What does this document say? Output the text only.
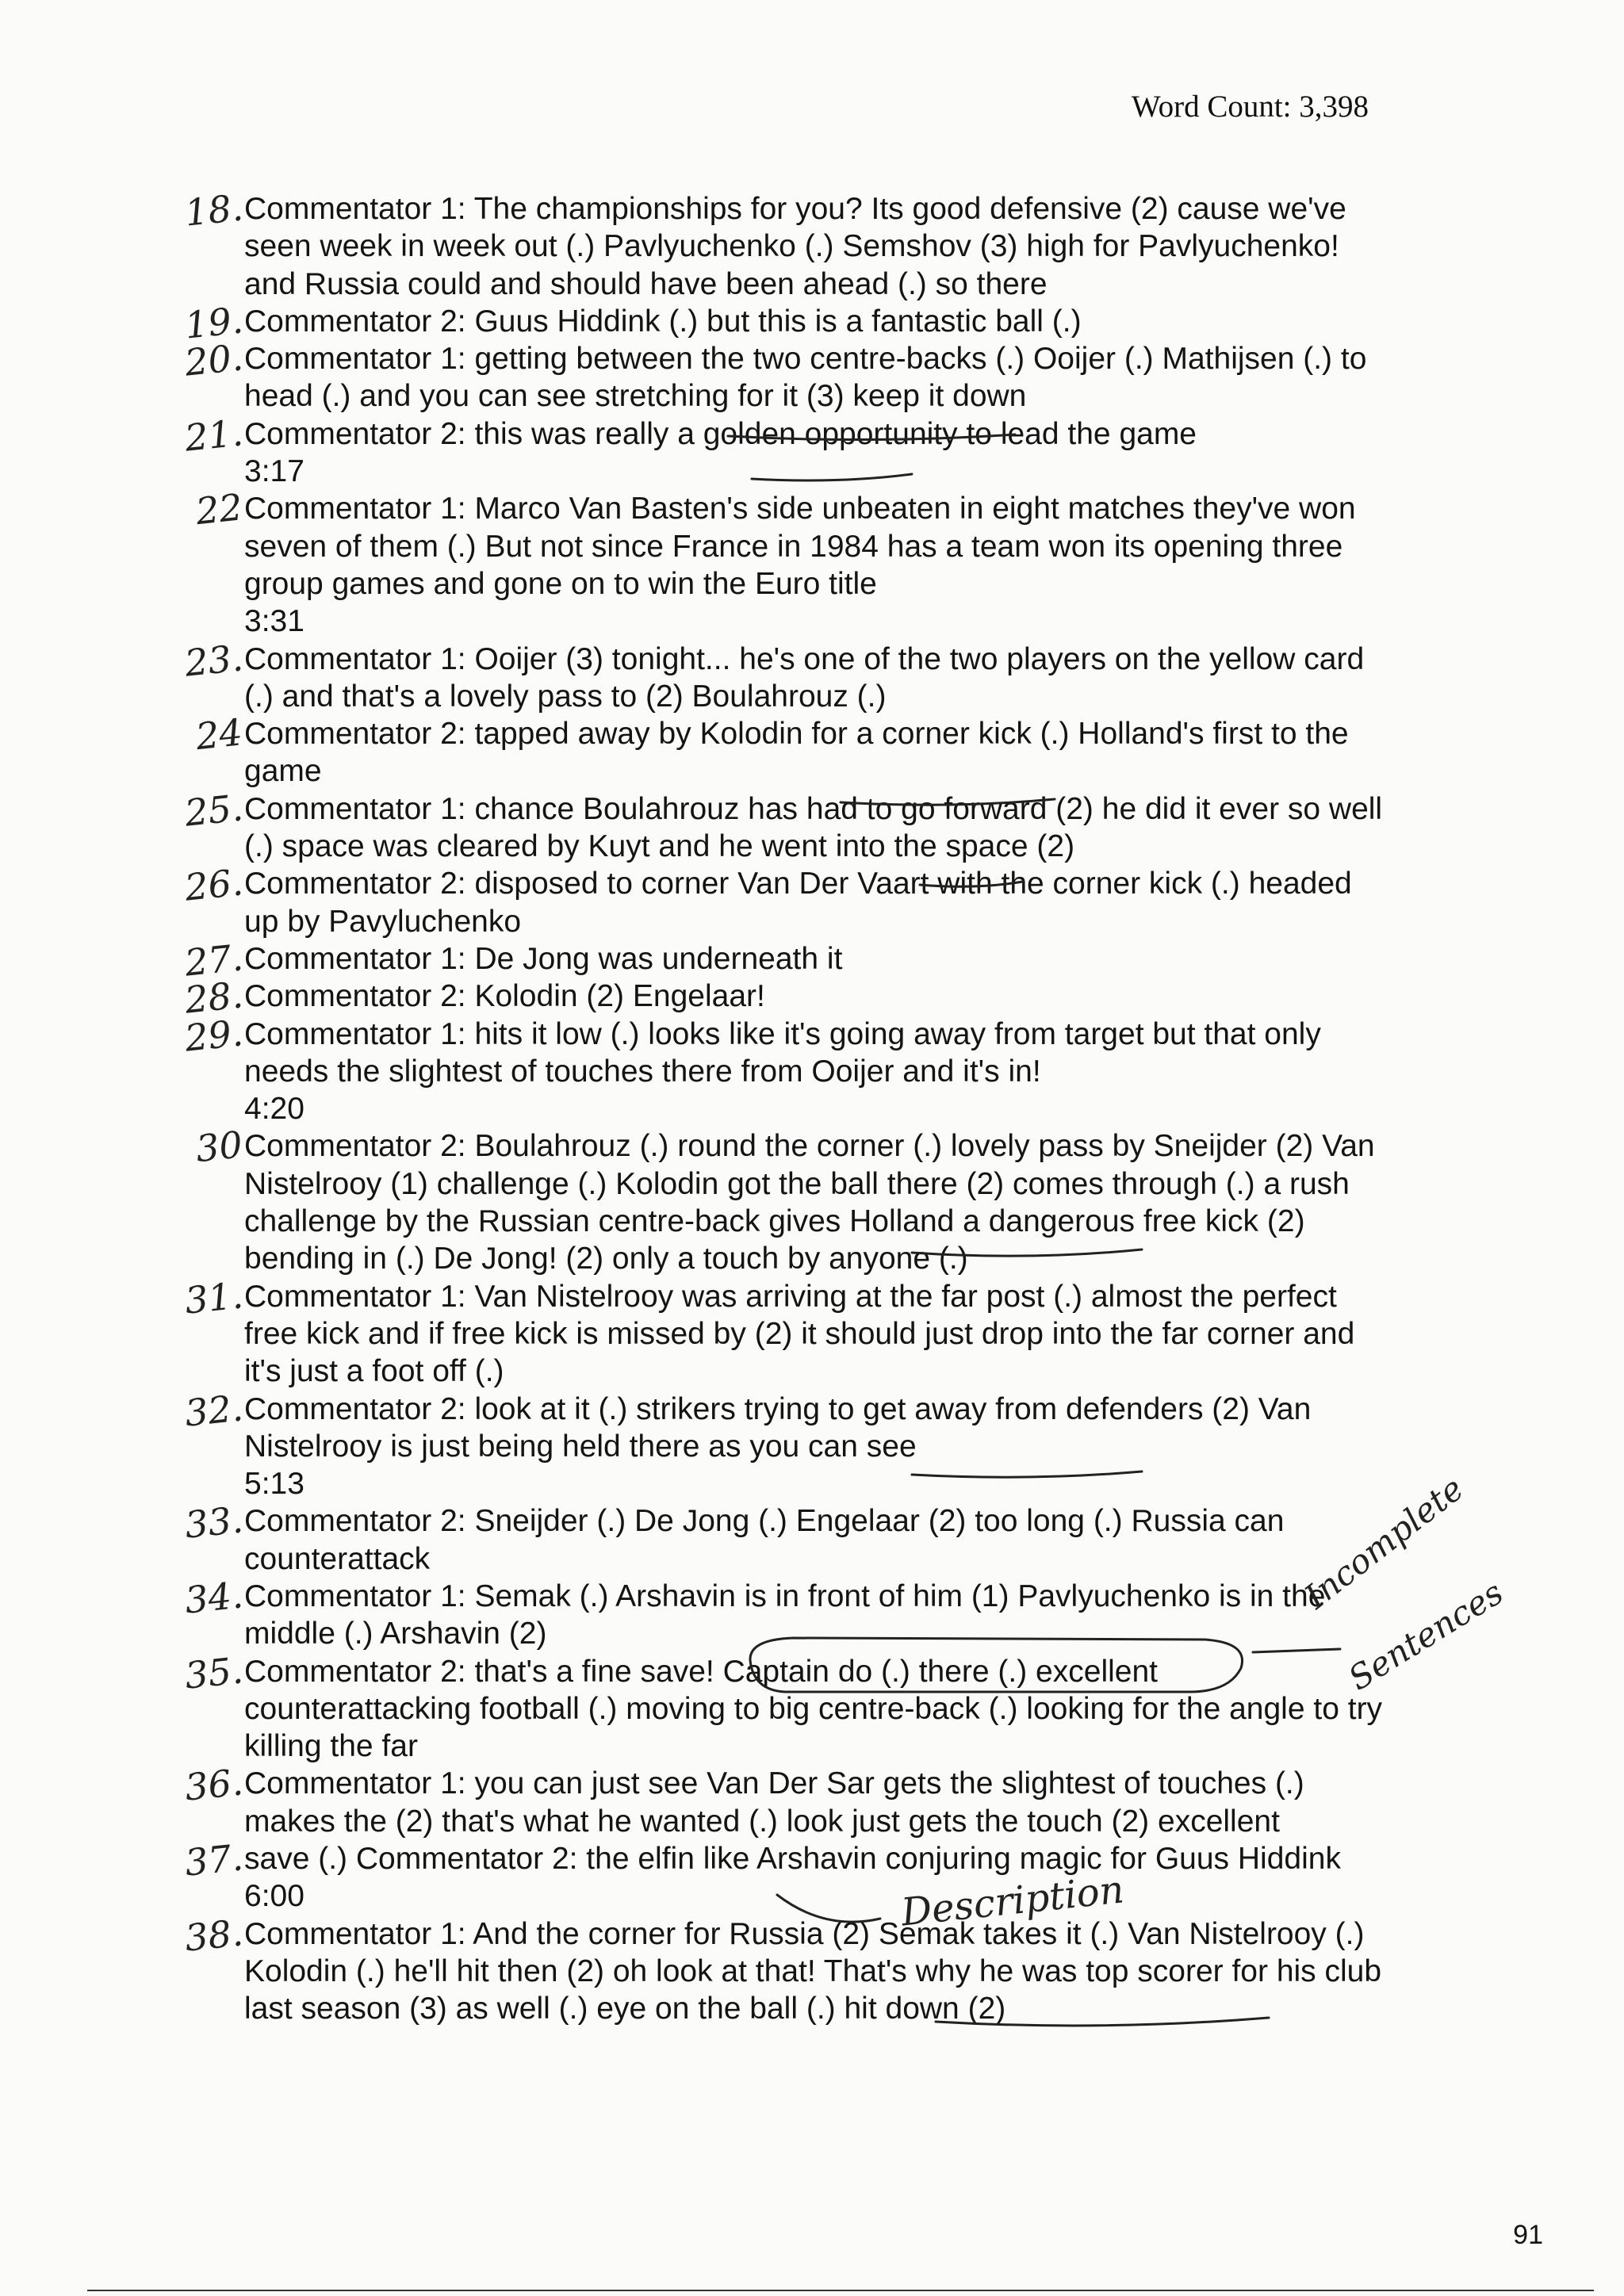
Word Count: 3,398
18. Commentator 1: The championships for you? Its good defensive (2) cause we've seen week in week out (.) Pavlyuchenko (.) Semshov (3) high for Pavlyuchenko! and Russia could and should have been ahead (.) so there
19. Commentator 2: Guus Hiddink (.) but this is a fantastic ball (.)
20. Commentator 1: getting between the two centre-backs (.) Ooijer (.) Mathijsen (.) to head (.) and you can see stretching for it (3) keep it down
21. Commentator 2: this was really a golden opportunity to lead the game
3:17
22 Commentator 1: Marco Van Basten's side unbeaten in eight matches they've won seven of them (.) But not since France in 1984 has a team won its opening three group games and gone on to win the Euro title
3:31
23. Commentator 1: Ooijer (3) tonight... he's one of the two players on the yellow card (.) and that's a lovely pass to (2) Boulahrouz (.)
24 Commentator 2: tapped away by Kolodin for a corner kick (.) Holland's first to the game
25. Commentator 1: chance Boulahrouz has had to go forward (2) he did it ever so well (.) space was cleared by Kuyt and he went into the space (2)
26. Commentator 2: disposed to corner Van Der Vaart with the corner kick (.) headed up by Pavyluchenko
27. Commentator 1: De Jong was underneath it
28. Commentator 2: Kolodin (2) Engelaar!
29. Commentator 1: hits it low (.) looks like it's going away from target but that only needs the slightest of touches there from Ooijer and it's in!
4:20
30 Commentator 2: Boulahrouz (.) round the corner (.) lovely pass by Sneijder (2) Van Nistelrooy (1) challenge (.) Kolodin got the ball there (2) comes through (.) a rush challenge by the Russian centre-back gives Holland a dangerous free kick (2) bending in (.) De Jong! (2) only a touch by anyone (.)
31. Commentator 1: Van Nistelrooy was arriving at the far post (.) almost the perfect free kick and if free kick is missed by (2) it should just drop into the far corner and it's just a foot off (.)
32. Commentator 2: look at it (.) strikers trying to get away from defenders (2) Van Nistelrooy is just being held there as you can see
5:13
33. Commentator 2: Sneijder (.) De Jong (.) Engelaar (2) too long (.) Russia can counterattack
34. Commentator 1: Semak (.) Arshavin is in front of him (1) Pavlyuchenko is in the middle (.) Arshavin (2)
35. Commentator 2: that's a fine save! Captain do (.) there (.) excellent counterattacking football (.) moving to big centre-back (.) looking for the angle to try killing the far
36. Commentator 1: you can just see Van Der Sar gets the slightest of touches (.) makes the (2) that's what he wanted (.) look just gets the touch (2) excellent
37. save (.) Commentator 2: the elfin like Arshavin conjuring magic for Guus Hiddink
6:00
38. Commentator 1: And the corner for Russia (2) Semak takes it (.) Van Nistelrooy (.) Kolodin (.) he'll hit then (2) oh look at that! That's why he was top scorer for his club last season (3) as well (.) eye on the ball (.) hit down (2)
Incomplete
Sentences
Description
91
